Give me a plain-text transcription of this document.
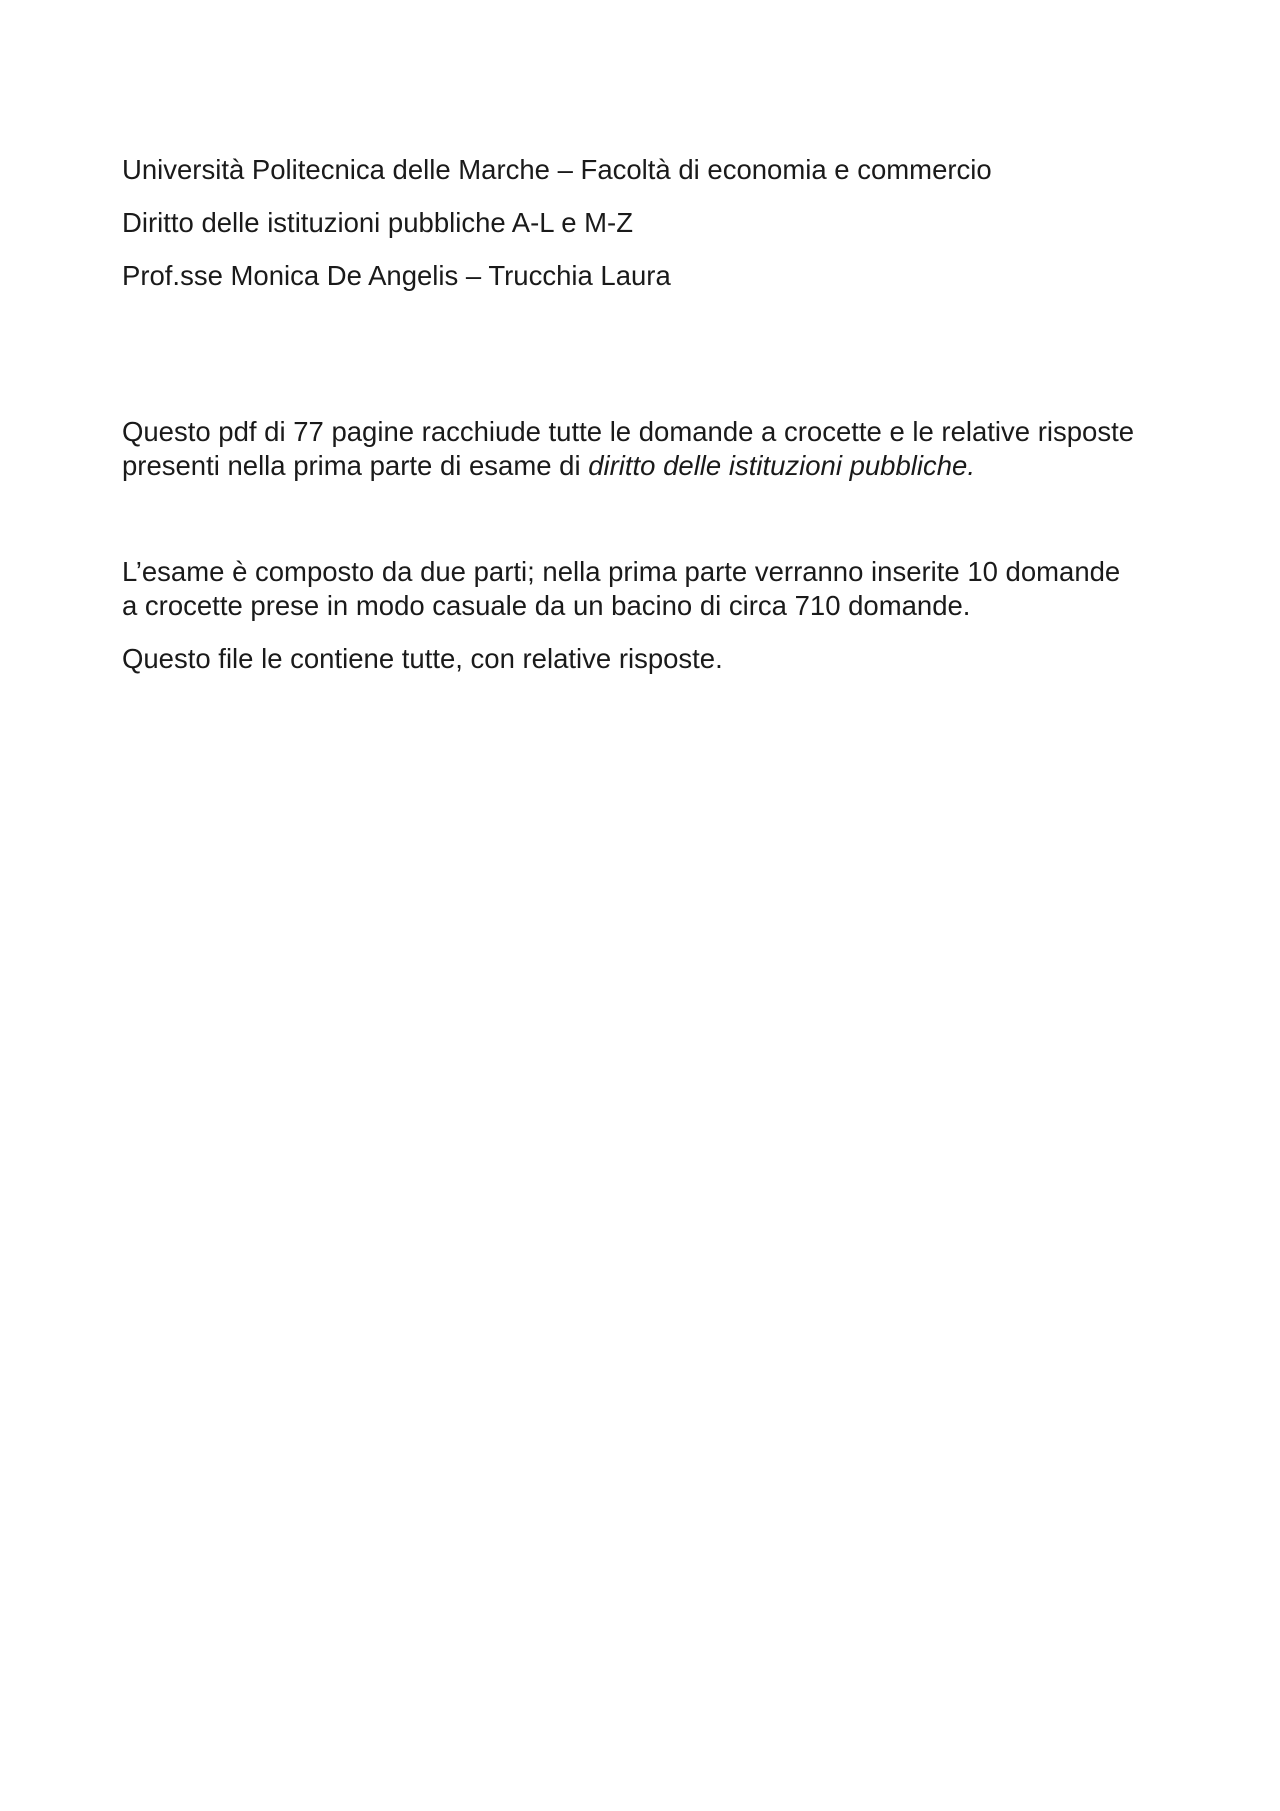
Università Politecnica delle Marche – Facoltà di economia e commercio

Diritto delle istituzioni pubbliche A-L e M-Z

Prof.sse Monica De Angelis – Trucchia Laura

Questo pdf di 77 pagine racchiude tutte le domande a crocette e le relative risposte

presenti nella prima parte di esame di diritto delle istituzioni pubbliche.

L’esame è composto da due parti; nella prima parte verranno inserite 10 domande

a crocette prese in modo casuale da un bacino di circa 710 domande.

Questo file le contiene tutte, con relative risposte.
